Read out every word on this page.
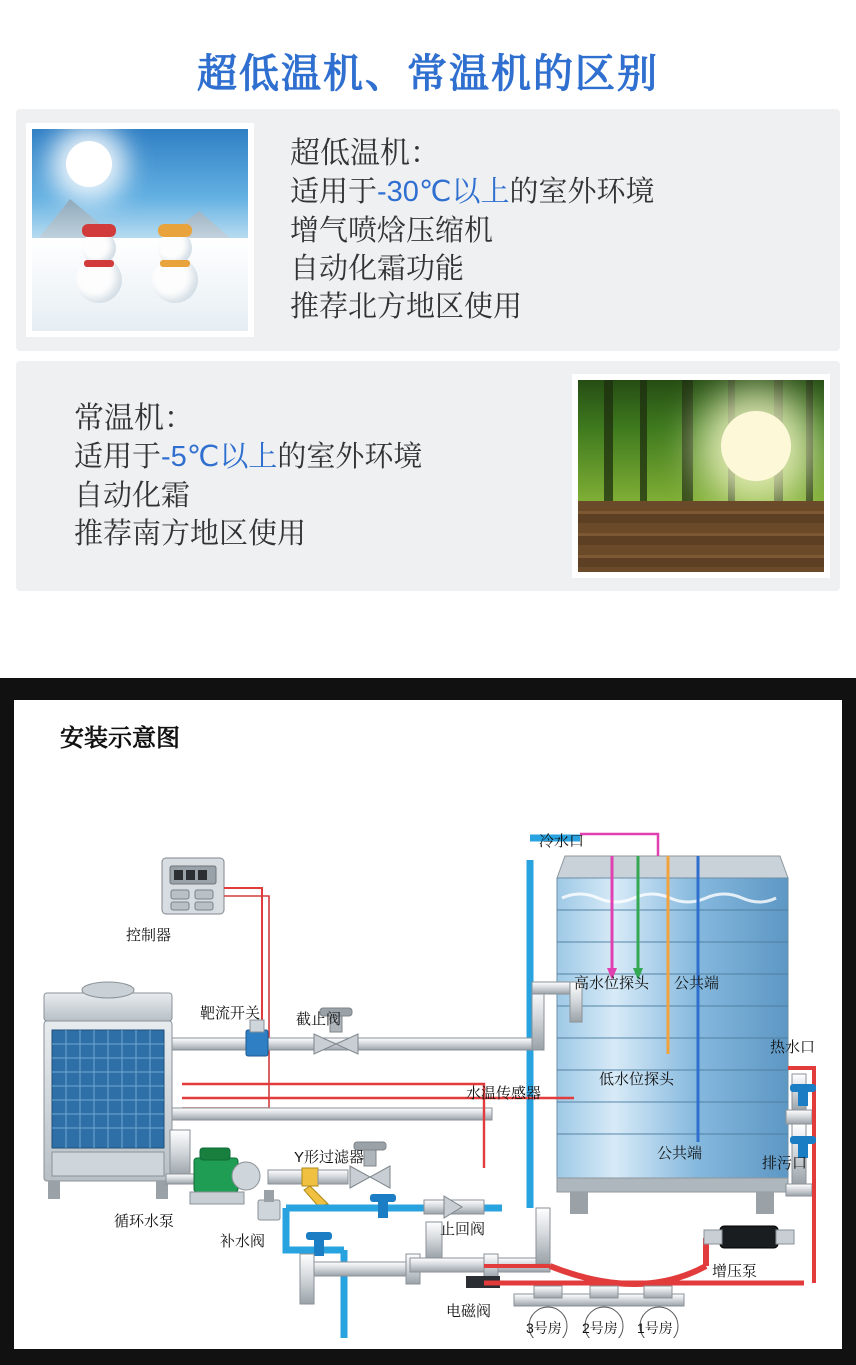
超低温机、常温机的区别
超低温机：
适用于-30℃以上的室外环境
增气喷焓压缩机
自动化霜功能
推荐北方地区使用
常温机：
适用于-5℃以上的室外环境
自动化霜
推荐南方地区使用
安装示意图
控制器
靶流开关 截止阀
冷水口
高水位探头 公共端
低水位探头
公共端
热水口
排污口
水温传感器
循环水泵
Y形过滤器
补水阀
止回阀
电磁阀
增压泵
3号房 2号房 1号房
